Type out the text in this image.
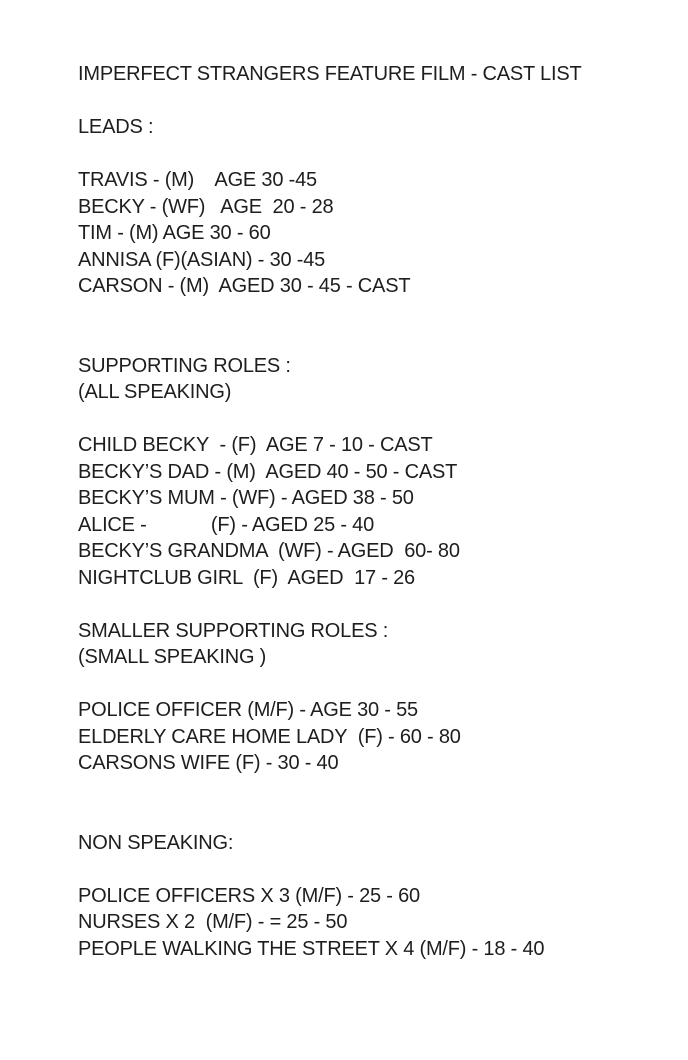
IMPERFECT STRANGERS FEATURE FILM - CAST LIST
LEADS :
TRAVIS - (M)    AGE 30 -45
BECKY - (WF)   AGE  20 - 28
TIM - (M) AGE 30 - 60
ANNISA (F)(ASIAN) - 30 -45
CARSON - (M)  AGED 30 - 45 - CAST
SUPPORTING ROLES :
(ALL SPEAKING)
CHILD BECKY  - (F)  AGE 7 - 10 - CAST
BECKY’S DAD - (M)  AGED 40 - 50 - CAST
BECKY’S MUM - (WF) - AGED 38 - 50
ALICE -            (F) - AGED 25 - 40
BECKY’S GRANDMA  (WF) - AGED  60- 80
NIGHTCLUB GIRL  (F)  AGED  17 - 26
SMALLER SUPPORTING ROLES :
(SMALL SPEAKING )
POLICE OFFICER (M/F) - AGE 30 - 55
ELDERLY CARE HOME LADY  (F) - 60 - 80
CARSONS WIFE (F) - 30 - 40
NON SPEAKING:
POLICE OFFICERS X 3 (M/F) - 25 - 60
NURSES X 2  (M/F) - = 25 - 50
PEOPLE WALKING THE STREET X 4 (M/F) - 18 - 40
